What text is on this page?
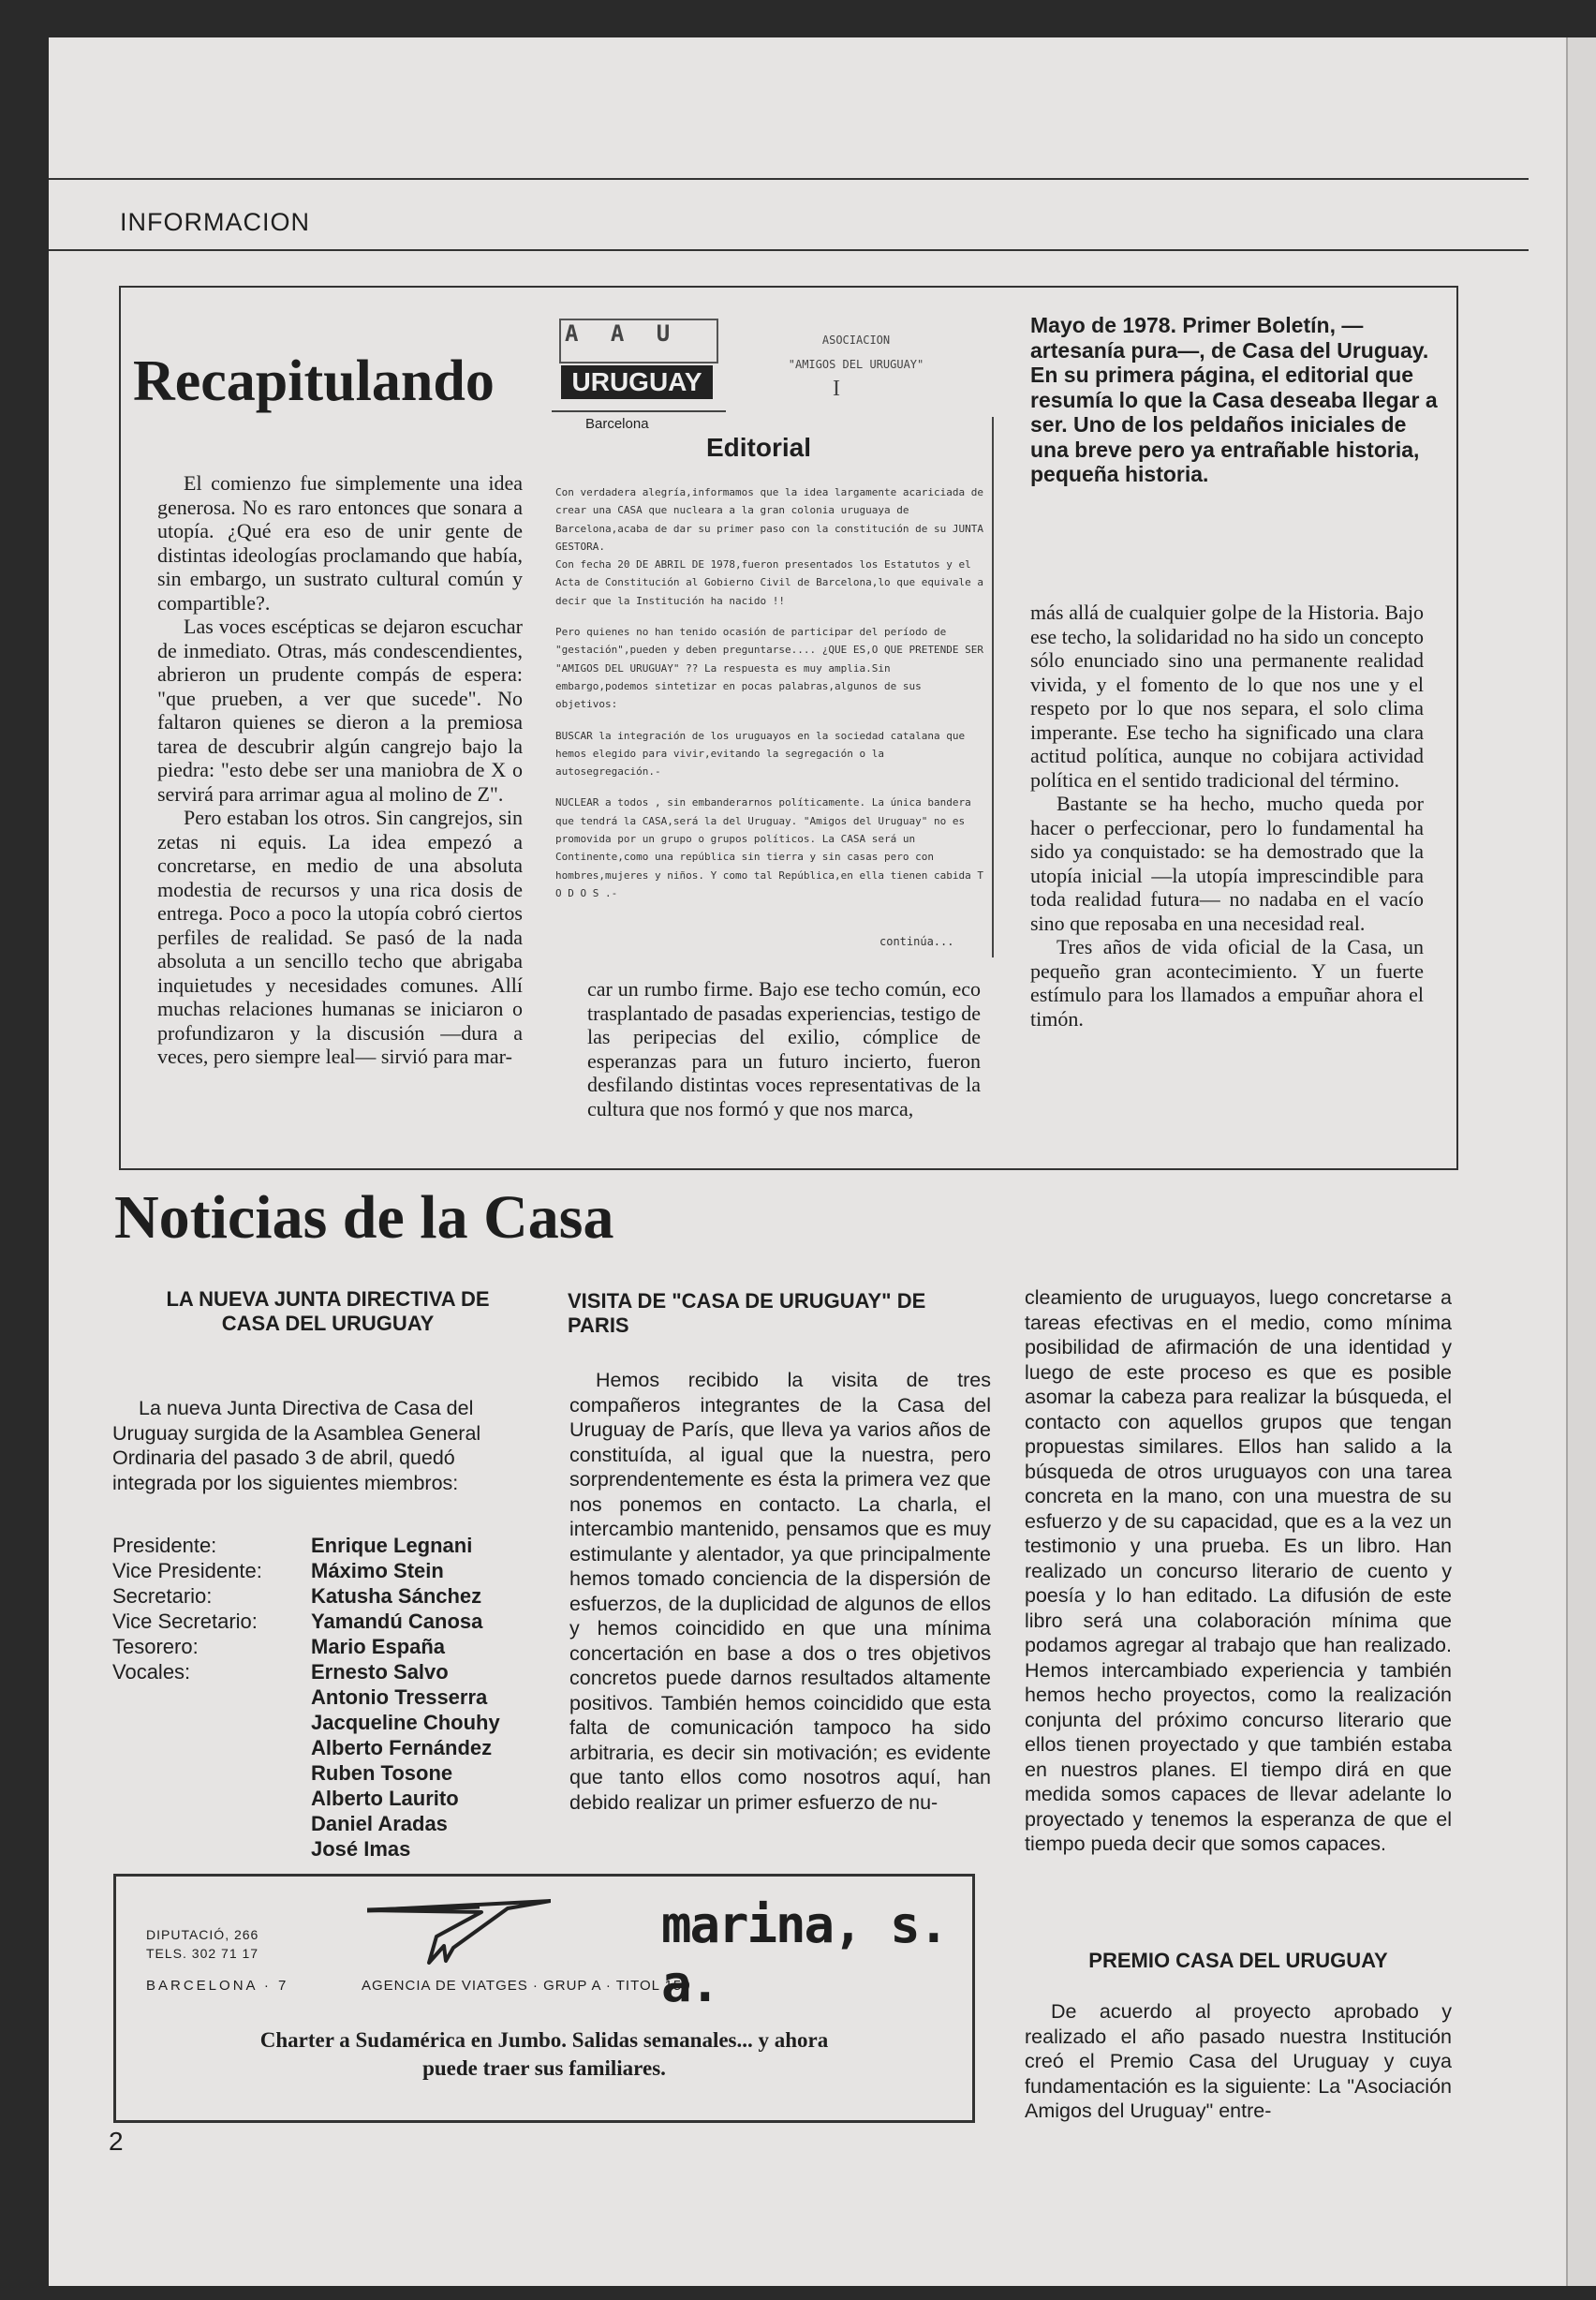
INFORMACION
Recapitulando

El comienzo fue simplemente una idea generosa. No es raro entonces que sonara a utopía. ¿Qué era eso de unir gente de distintas ideologías proclamando que había, sin embargo, un sustrato cultural común y compartible?.

Las voces escépticas se dejaron escuchar de inmediato. Otras, más condescendientes, abrieron un prudente compás de espera: "que prueben, a ver que sucede". No faltaron quienes se dieron a la premiosa tarea de descubrir algún cangrejo bajo la piedra: "esto debe ser una maniobra de X o servirá para arrimar agua al molino de Z".

Pero estaban los otros. Sin cangrejos, sin zetas ni equis. La idea empezó a concretarse, en medio de una absoluta modestia de recursos y una rica dosis de entrega. Poco a poco la utopía cobró ciertos perfiles de realidad. Se pasó de la nada absoluta a un sencillo techo que abrigaba inquietudes y necesidades comunes. Allí muchas relaciones humanas se iniciaron o profundizaron y la discusión —dura a veces, pero siempre leal— sirvió para mar-

A A U
URUGUAY
Barcelona
ASOCIACION
"AMIGOS DEL URUGUAY"
I
Editorial

Con verdadera alegría,informamos que la idea largamente acariciada de crear una CASA que nucleara a la gran colonia uruguaya de Barcelona,acaba de dar su primer paso con la constitución de su JUNTA GESTORA.

Con fecha 20 DE ABRIL DE 1978,fueron presentados los Estatutos y el Acta de Constitución al Gobierno Civil de Barcelona,lo que equivale a decir que la Institución ha nacido !!

Pero quienes no han tenido ocasión de participar del período de "gestación",pueden y deben preguntarse.... ¿QUE ES,O QUE PRETENDE SER "AMIGOS DEL URUGUAY" ?? La respuesta es muy amplia.Sin embargo,podemos sintetizar en pocas palabras,algunos de sus objetivos:

BUSCAR la integración de los uruguayos en la sociedad catalana que hemos elegido para vivir,evitando la segregación o la autosegregación.-

NUCLEAR a todos , sin embanderarnos políticamente. La única bandera que tendrá la CASA,será la del Uruguay. "Amigos del Uruguay" no es promovida por un grupo o grupos políticos. La CASA será un Continente,como una república sin tierra y sin casas pero con hombres,mujeres y niños. Y como tal República,en ella tienen cabida T O D O S .-

continúa...

car un rumbo firme. Bajo ese techo común, eco trasplantado de pasadas experiencias, testigo de las peripecias del exilio, cómplice de esperanzas para un futuro incierto, fueron desfilando distintas voces representativas de la cultura que nos formó y que nos marca,

Mayo de 1978. Primer Boletín, —artesanía pura—, de Casa del Uruguay. En su primera página, el editorial que resumía lo que la Casa deseaba llegar a ser. Uno de los peldaños iniciales de una breve pero ya entrañable historia, pequeña historia.

más allá de cualquier golpe de la Historia. Bajo ese techo, la solidaridad no ha sido un concepto sólo enunciado sino una permanente realidad vivida, y el fomento de lo que nos une y el respeto por lo que nos separa, el solo clima imperante. Ese techo ha significado una clara actitud política, aunque no cobijara actividad política en el sentido tradicional del término.

Bastante se ha hecho, mucho queda por hacer o perfeccionar, pero lo fundamental ha sido ya conquistado: se ha demostrado que la utopía inicial —la utopía imprescindible para toda realidad futura— no nadaba en el vacío sino que reposaba en una necesidad real.

Tres años de vida oficial de la Casa, un pequeño gran acontecimiento. Y un fuerte estímulo para los llamados a empuñar ahora el timón.

Noticias de la Casa
LA NUEVA JUNTA DIRECTIVA DE
CASA DEL URUGUAY

La nueva Junta Directiva de Casa del Uruguay surgida de la Asamblea General Ordinaria del pasado 3 de abril, quedó integrada por los siguientes miembros:

Presidente:	Enrique Legnani
Vice Presidente:	Máximo Stein
Secretario:	Katusha Sánchez
Vice Secretario:	Yamandú Canosa
Tesorero:	Mario España
Vocales:	Ernesto Salvo
Antonio Tresserra
Jacqueline Chouhy
Alberto Fernández
Ruben Tosone
Alberto Laurito
Daniel Aradas
José Imas
VISITA DE "CASA DE URUGUAY" DE
PARIS

Hemos recibido la visita de tres compañeros integrantes de la Casa del Uruguay de París, que lleva ya varios años de constituída, al igual que la nuestra, pero sorprendentemente es ésta la primera vez que nos ponemos en contacto. La charla, el intercambio mantenido, pensamos que es muy estimulante y alentador, ya que principalmente hemos tomado conciencia de la dispersión de esfuerzos, de la duplicidad de algunos de ellos y hemos coincidido en que una mínima concertación en base a dos o tres objetivos concretos puede darnos resultados altamente positivos. También hemos coincidido que esta falta de comunicación tampoco ha sido arbitraria, es decir sin motivación; es evidente que tanto ellos como nosotros aquí, han debido realizar un primer esfuerzo de nu-

cleamiento de uruguayos, luego concretarse a tareas efectivas en el medio, como mínima posibilidad de afirmación de una identidad y luego de este proceso es que es posible asomar la cabeza para realizar la búsqueda, el contacto con aquellos grupos que tengan propuestas similares. Ellos han salido a la búsqueda de otros uruguayos con una tarea concreta en la mano, con una muestra de su esfuerzo y de su capacidad, que es a la vez un testimonio y una prueba. Es un libro. Han realizado un concurso literario de cuento y poesía y lo han editado. La difusión de este libro será una colaboración mínima que podamos agregar al trabajo que han realizado. Hemos intercambiado experiencia y también hemos hecho proyectos, como la realización conjunta del próximo concurso literario que ellos tienen proyectado y que también estaba en nuestros planes. El tiempo dirá en que medida somos capaces de llevar adelante lo proyectado y tenemos la esperanza de que el tiempo pueda decir que somos capaces.

PREMIO CASA DEL URUGUAY

De acuerdo al proyecto aprobado y realizado el año pasado nuestra Institución creó el Premio Casa del Uruguay y cuya fundamentación es la siguiente: La "Asociación Amigos del Uruguay" entre-

DIPUTACIÓ, 266
TELS. 302 71 17
BARCELONA · 7
marina, s. a.
AGENCIA DE VIATGES · GRUP A · TITOL 150
Charter a Sudamérica en Jumbo. Salidas semanales... y ahora
puede traer sus familiares.
2
